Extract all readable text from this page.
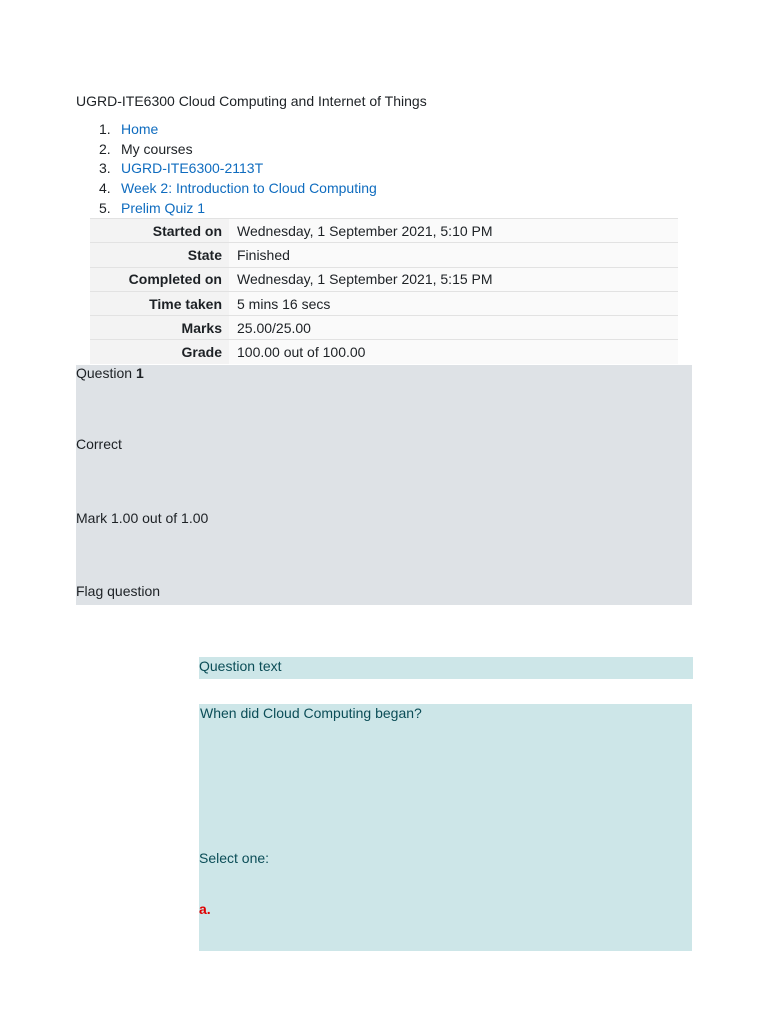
UGRD-ITE6300 Cloud Computing and Internet of Things
1. Home
2. My courses
3. UGRD-ITE6300-2113T
4. Week 2: Introduction to Cloud Computing
5. Prelim Quiz 1
Started on	Wednesday, 1 September 2021, 5:10 PM
State	Finished
Completed on	Wednesday, 1 September 2021, 5:15 PM
Time taken	5 mins 16 secs
Marks	25.00/25.00
Grade	100.00 out of 100.00
Question 1
Correct
Mark 1.00 out of 1.00
Flag question
Question text
When did Cloud Computing began?
Select one:
a.
